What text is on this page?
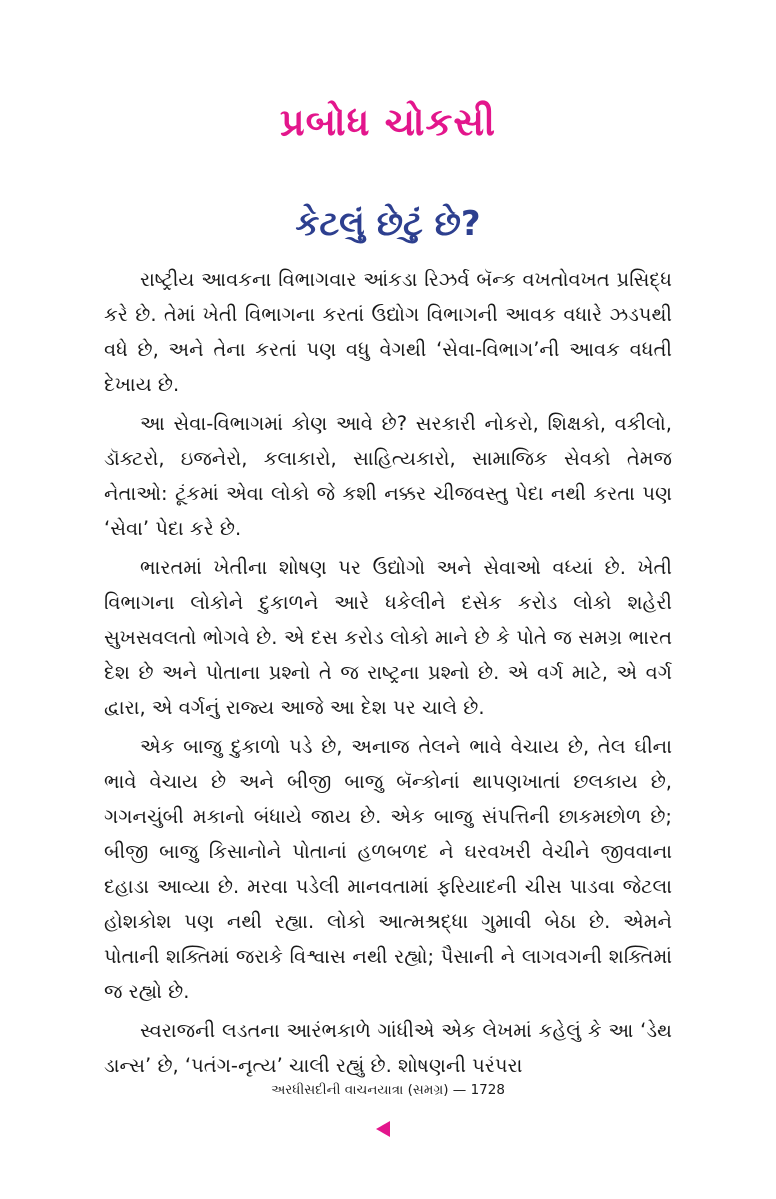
પ્રબોધ ચોકસી
કેટલું છેટું છે?

રાષ્ટ્રીય આવકના વિભાગવાર આંકડા રિઝર્વ બૅન્ક વખતોવખત પ્રસિદ્ધ કરે છે. તેમાં ખેતી વિભાગના કરતાં ઉદ્યોગ વિભાગની આવક વધારે ઝડપથી વધે છે, અને તેના કરતાં પણ વધુ વેગથી ‘સેવા-વિભાગ’ની આવક વધતી દેખાય છે.

આ સેવા-વિભાગમાં કોણ આવે છે? સરકારી નોકરો, શિક્ષકો, વકીલો, ડૉક્ટરો, ઇજનેરો, કલાકારો, સાહિત્યકારો, સામાજિક સેવકો તેમજ નેતાઓ: ટૂંકમાં એવા લોકો જે કશી નક્કર ચીજવસ્તુ પેદા નથી કરતા પણ ‘સેવા’ પેદા કરે છે.

ભારતમાં ખેતીના શોષણ પર ઉદ્યોગો અને સેવાઓ વધ્યાં છે. ખેતી વિભાગના લોકોને દુકાળને આરે ધકેલીને દસેક કરોડ લોકો શહેરી સુખસવલતો ભોગવે છે. એ દસ કરોડ લોકો માને છે કે પોતે જ સમગ્ર ભારત દેશ છે અને પોતાના પ્રશ્નો તે જ રાષ્ટ્રના પ્રશ્નો છે. એ વર્ગ માટે, એ વર્ગ દ્વારા, એ વર્ગનું રાજ્ય આજે આ દેશ પર ચાલે છે.

એક બાજુ દુકાળો પડે છે, અનાજ તેલને ભાવે વેચાય છે, તેલ ઘીના ભાવે વેચાય છે અને બીજી બાજુ બૅન્કોનાં થાપણખાતાં છલકાય છે, ગગનચુંબી મકાનો બંધાયે જાય છે. એક બાજુ સંપત્તિની છાકમછોળ છે; બીજી બાજુ કિસાનોને પોતાનાં હળબળદ ને ઘરવખરી વેચીને જીવવાના દહાડા આવ્યા છે. મરવા પડેલી માનવતામાં ફરિયાદની ચીસ પાડવા જેટલા હોશકોશ પણ નથી રહ્યા. લોકો આત્મશ્રદ્ધા ગુમાવી બેઠા છે. એમને પોતાની શક્તિમાં જરાકે વિશ્વાસ નથી રહ્યો; પૈસાની ને લાગવગની શક્તિમાં જ રહ્યો છે.

સ્વરાજની લડતના આરંભકાળે ગાંધીએ એક લેખમાં કહેલું કે આ ‘ડેથ ડાન્સ’ છે, ‘પતંગ-નૃત્ય’ ચાલી રહ્યું છે. શોષણની પરંપરા

અરધીસદીની વાચનયાત્રા (સમગ્ર) — 1728
